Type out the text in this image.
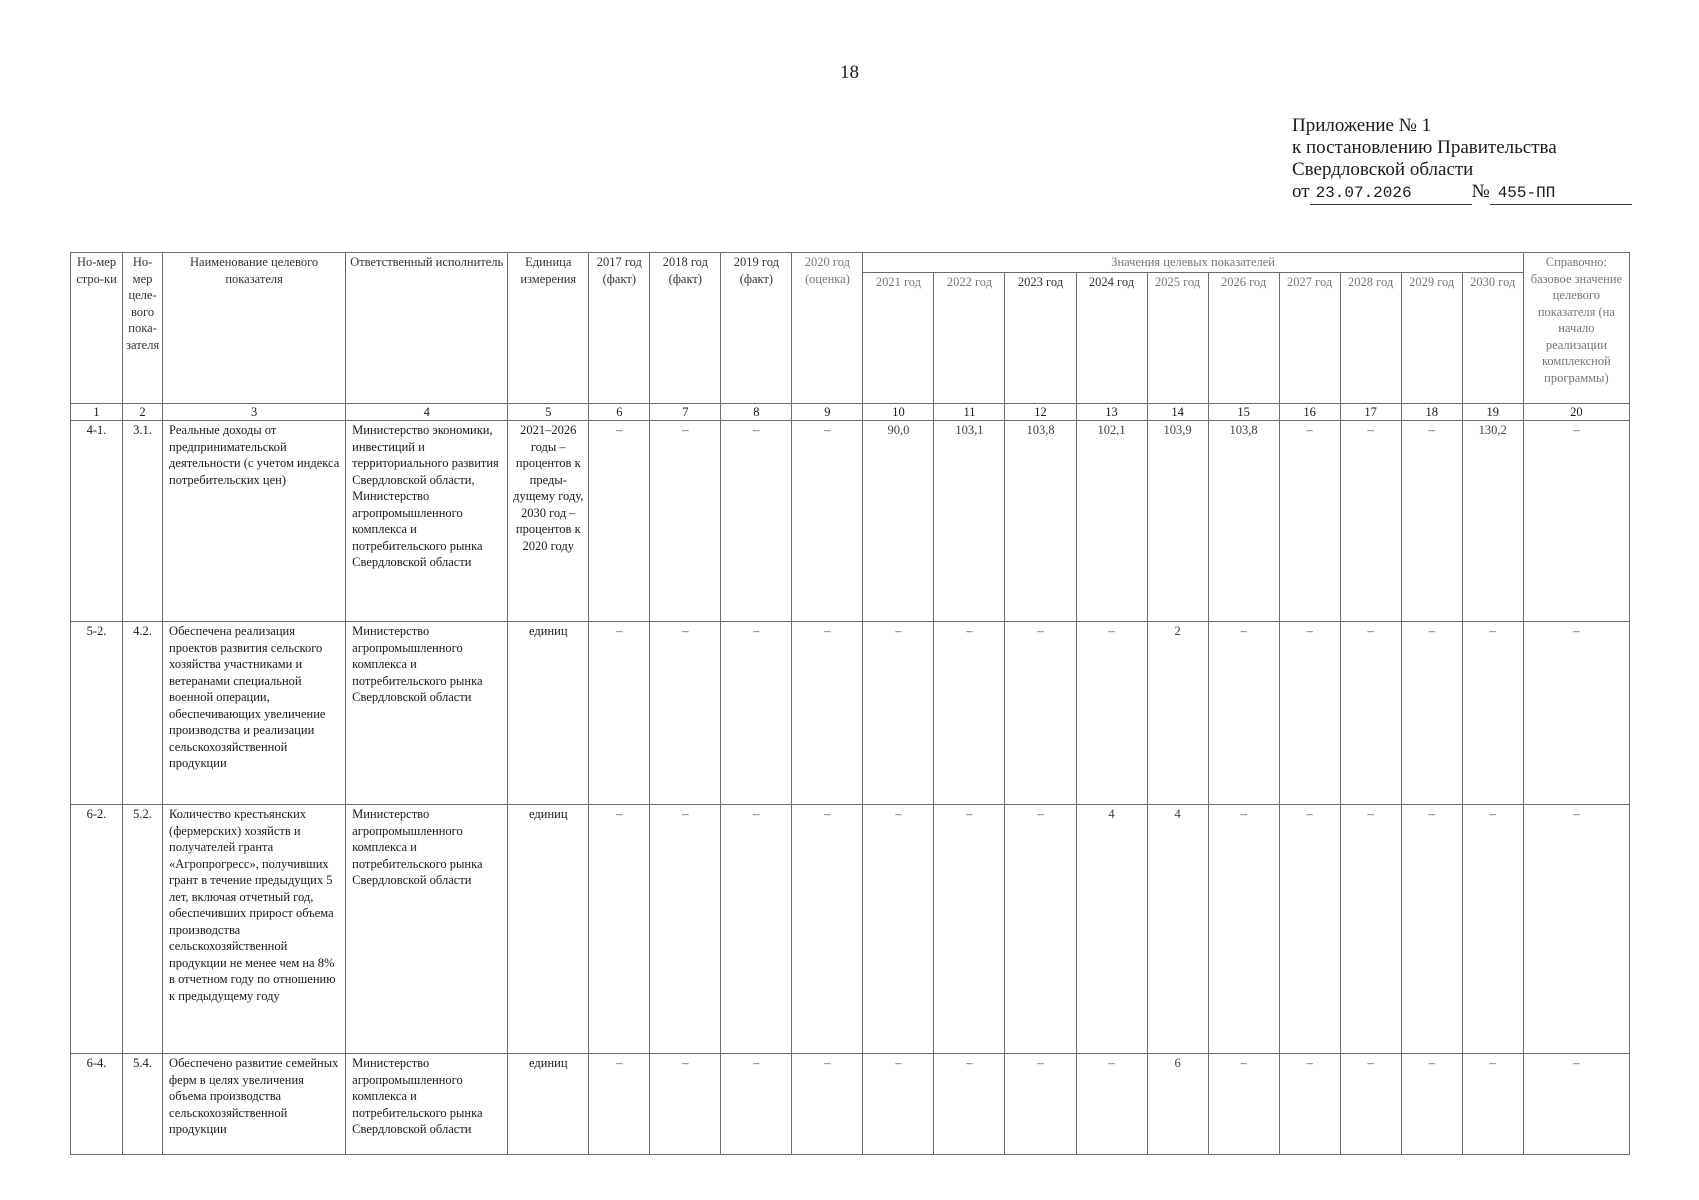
18
Приложение № 1
к постановлению Правительства
Свердловской области
от 23.07.2026	№ 455-ПП
Но-мер стро-ки	Но-мер целе-вого пока-зателя	Наименование целевого показателя	Ответственный исполнитель	Единица измерения	2017 год (факт)	2018 год (факт)	2019 год (факт)	2020 год (оценка)	Значения целевых показателей										Справочно: базовое значение целевого показателя (на начало реализации комплексной программы)
									2021 год	2022 год	2023 год	2024 год	2025 год	2026 год	2027 год	2028 год	2029 год	2030 год	
1	2	3	4	5	6	7	8	9	10	11	12	13	14	15	16	17	18	19	20
4-1.	3.1.	Реальные доходы от предпринимательской деятельности (с учетом индекса потребительских цен)	Министерство экономики, инвестиций и территориального развития Свердловской области, Министерство агропромышленного комплекса и потребительского рынка Свердловской области	2021–2026 годы – процентов к преды-дущему году, 2030 год – процентов к 2020 году	–	–	–	–	90,0	103,1	103,8	102,1	103,9	103,8	–	–	–	130,2	–
5-2.	4.2.	Обеспечена реализация проектов развития сельского хозяйства участниками и ветеранами специальной военной операции, обеспечивающих увеличение производства и реализации сельскохозяйственной продукции	Министерство агропромышленного комплекса и потребительского рынка Свердловской области	единиц	–	–	–	–	–	–	–	–	2	–	–	–	–	–	–
6-2.	5.2.	Количество крестьянских (фермерских) хозяйств и получателей гранта «Агропрогресс», получивших грант в течение предыдущих 5 лет, включая отчетный год, обеспечивших прирост объема производства сельскохозяйственной продукции не менее чем на 8% в отчетном году по отношению к предыдущему году	Министерство агропромышленного комплекса и потребительского рынка Свердловской области	единиц	–	–	–	–	–	–	–	4	4	–	–	–	–	–	–
6-4.	5.4.	Обеспечено развитие семейных ферм в целях увеличения объема производства сельскохозяйственной продукции	Министерство агропромышленного комплекса и потребительского рынка Свердловской области	единиц	–	–	–	–	–	–	–	–	6	–	–	–	–	–	–
